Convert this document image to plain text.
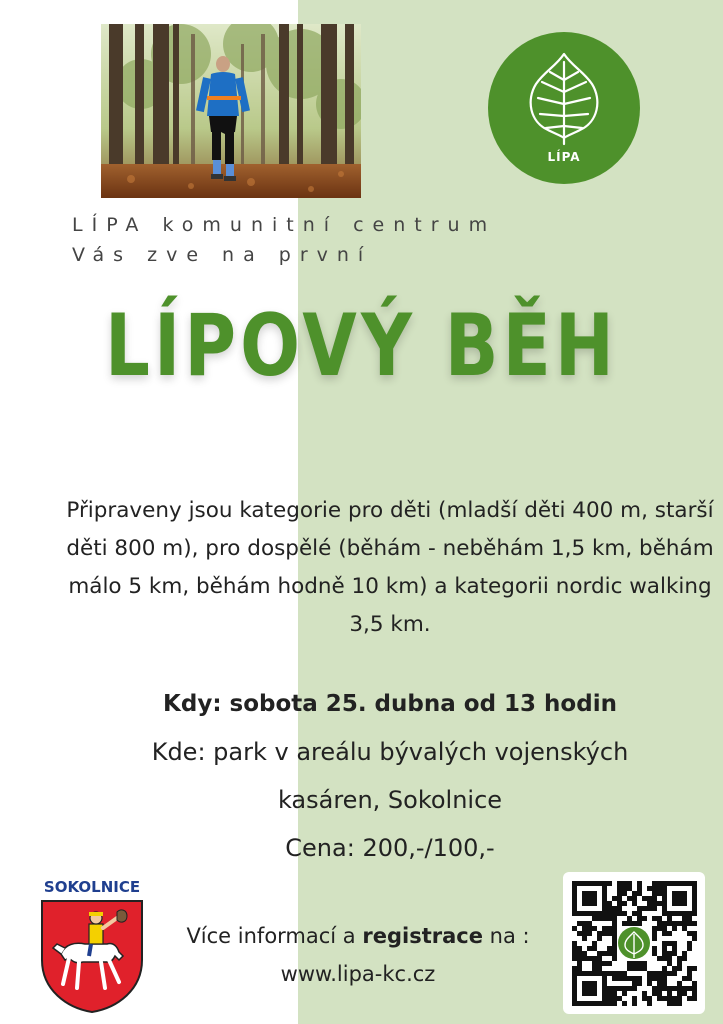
LÍPA
LÍPA komunitní centrum
Vás zve na první
LÍPOVÝ BĚH
Připraveny jsou kategorie pro děti (mladší děti 400 m, starší děti 800 m), pro dospělé (běhám - neběhám 1,5 km, běhám málo 5 km, běhám hodně 10 km) a kategorii nordic walking 3,5 km.
Kdy: sobota 25. dubna od 13 hodin
Kde: park v areálu bývalých vojenských
kasáren, Sokolnice
Cena: 200,-/100,-
SOKOLNICE
Více informací a registrace na :
www.lipa-kc.cz
